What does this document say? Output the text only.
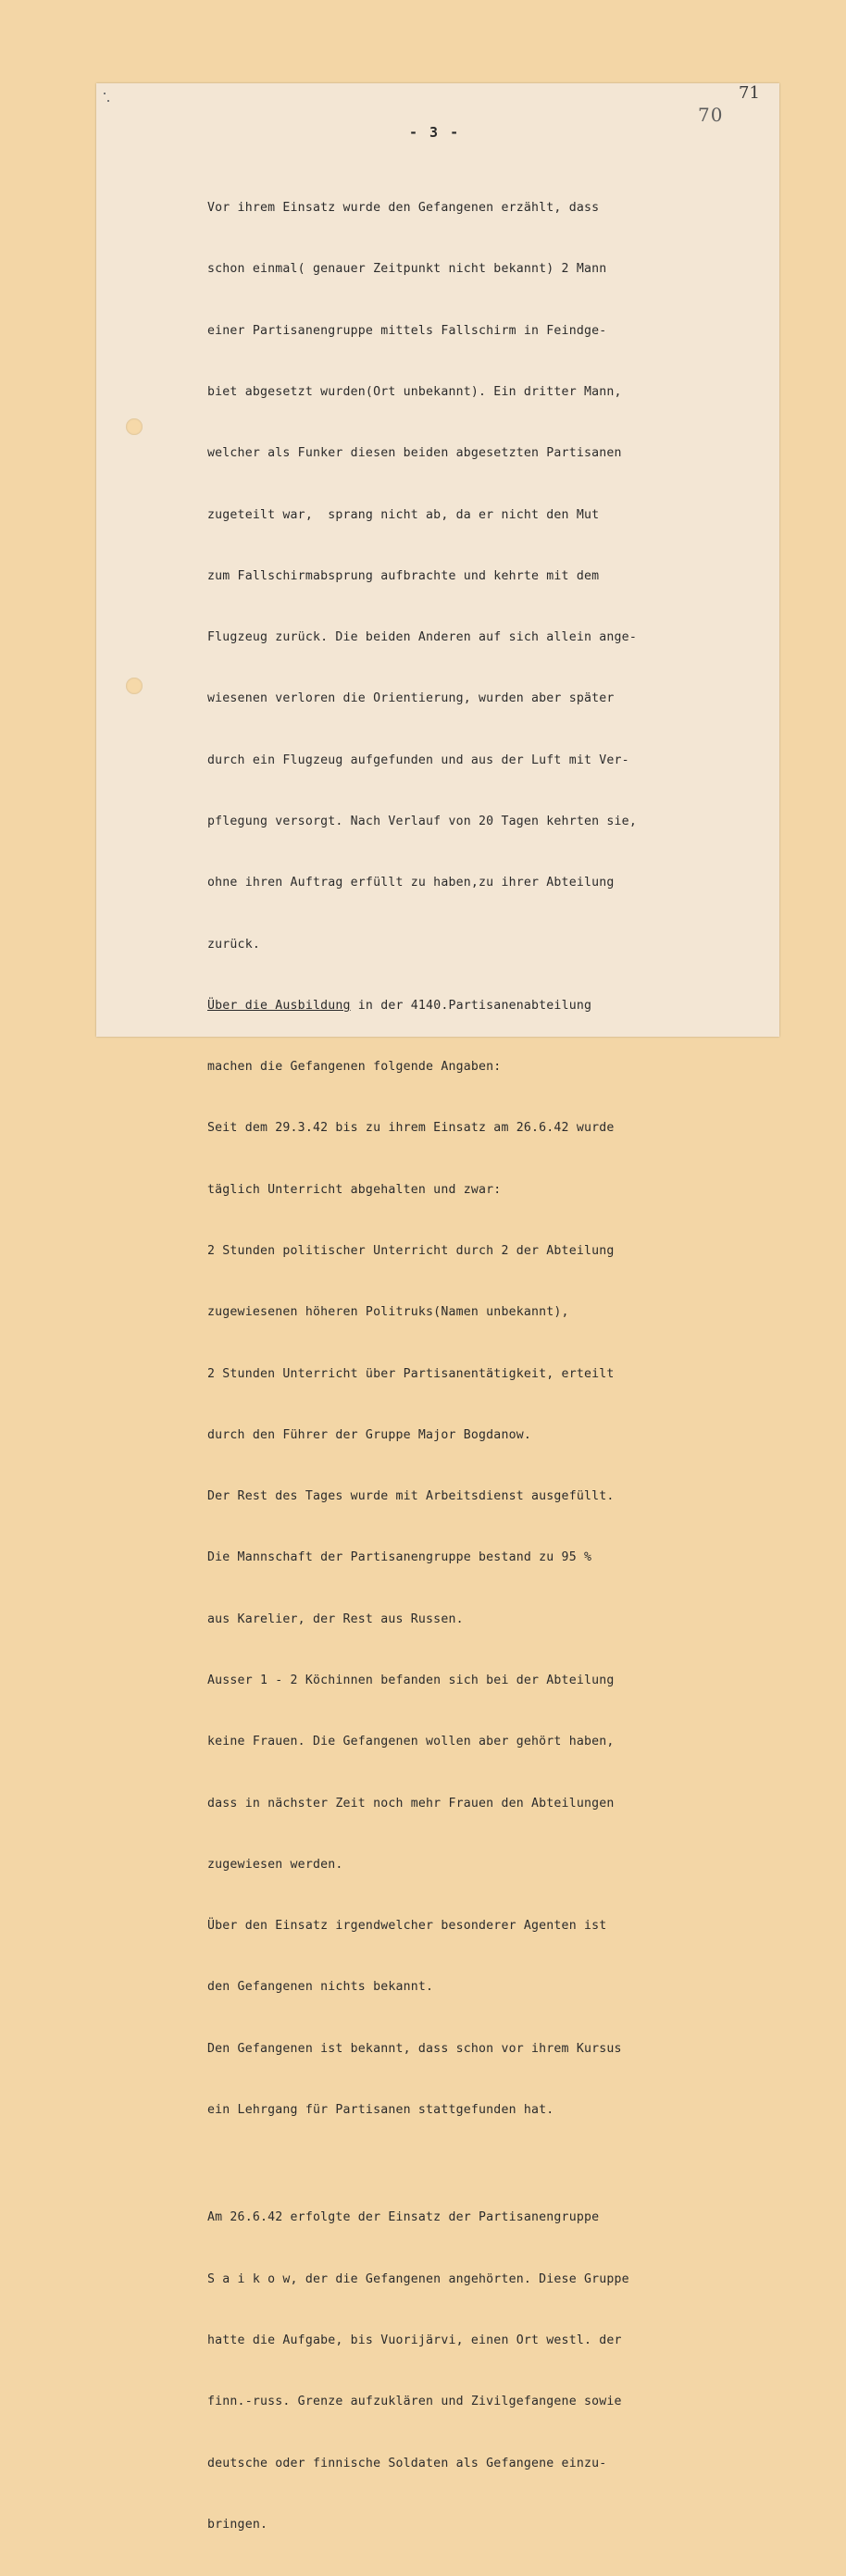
70
- 3 -

Vor ihrem Einsatz wurde den Gefangenen erzählt, dass

schon einmal( genauer Zeitpunkt nicht bekannt) 2 Mann

einer Partisanengruppe mittels Fallschirm in Feindge-

biet abgesetzt wurden(Ort unbekannt). Ein dritter Mann,

welcher als Funker diesen beiden abgesetzten Partisanen

zugeteilt war,  sprang nicht ab, da er nicht den Mut

zum Fallschirmabsprung aufbrachte und kehrte mit dem

Flugzeug zurück. Die beiden Anderen auf sich allein ange-

wiesenen verloren die Orientierung, wurden aber später

durch ein Flugzeug aufgefunden und aus der Luft mit Ver-

pflegung versorgt. Nach Verlauf von 20 Tagen kehrten sie,

ohne ihren Auftrag erfüllt zu haben,zu ihrer Abteilung

zurück.

Über die Ausbildung in der 4140.Partisanenabteilung

machen die Gefangenen folgende Angaben:

Seit dem 29.3.42 bis zu ihrem Einsatz am 26.6.42 wurde

täglich Unterricht abgehalten und zwar:

2 Stunden politischer Unterricht durch 2 der Abteilung

zugewiesenen höheren Politruks(Namen unbekannt),

2 Stunden Unterricht über Partisanentätigkeit, erteilt

durch den Führer der Gruppe Major Bogdanow.

Der Rest des Tages wurde mit Arbeitsdienst ausgefüllt.

Die Mannschaft der Partisanengruppe bestand zu 95 %

aus Karelier, der Rest aus Russen.

Ausser 1 - 2 Köchinnen befanden sich bei der Abteilung

keine Frauen. Die Gefangenen wollen aber gehört haben,

dass in nächster Zeit noch mehr Frauen den Abteilungen

zugewiesen werden.

Über den Einsatz irgendwelcher besonderer Agenten ist

den Gefangenen nichts bekannt.

Den Gefangenen ist bekannt, dass schon vor ihrem Kursus

ein Lehrgang für Partisanen stattgefunden hat.

Am 26.6.42 erfolgte der Einsatz der Partisanengruppe

S a i k o w, der die Gefangenen angehörten. Diese Gruppe

hatte die Aufgabe, bis Vuorijärvi, einen Ort westl. der

finn.-russ. Grenze aufzuklären und Zivilgefangene sowie

deutsche oder finnische Soldaten als Gefangene einzu-

bringen.

71
